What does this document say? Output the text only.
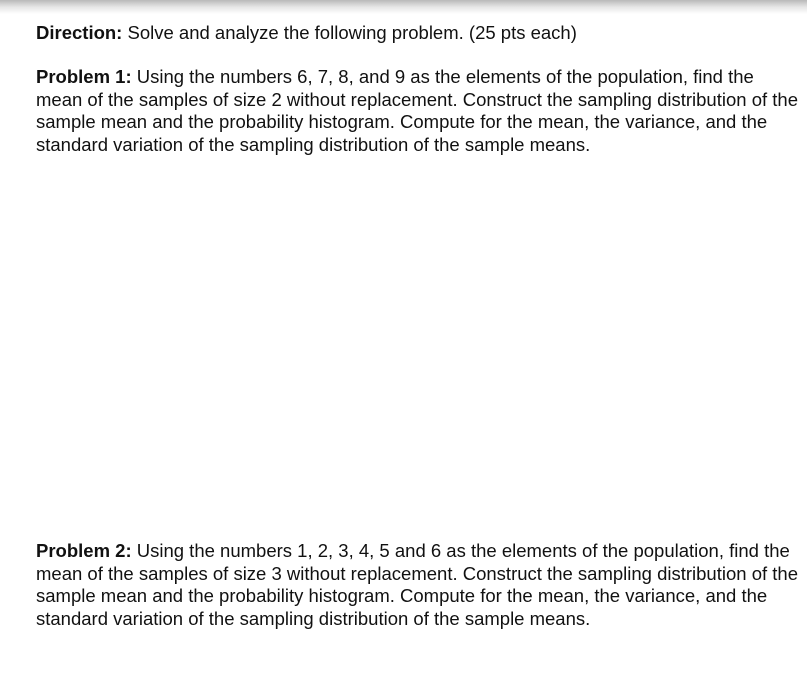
Direction: Solve and analyze the following problem. (25 pts each)

Problem 1: Using the numbers 6, 7, 8, and 9 as the elements of the population, find the mean of the samples of size 2 without replacement. Construct the sampling distribution of the sample mean and the probability histogram. Compute for the mean, the variance, and the standard variation of the sampling distribution of the sample means.

Problem 2: Using the numbers 1, 2, 3, 4, 5 and 6 as the elements of the population, find the mean of the samples of size 3 without replacement. Construct the sampling distribution of the sample mean and the probability histogram. Compute for the mean, the variance, and the standard variation of the sampling distribution of the sample means.
